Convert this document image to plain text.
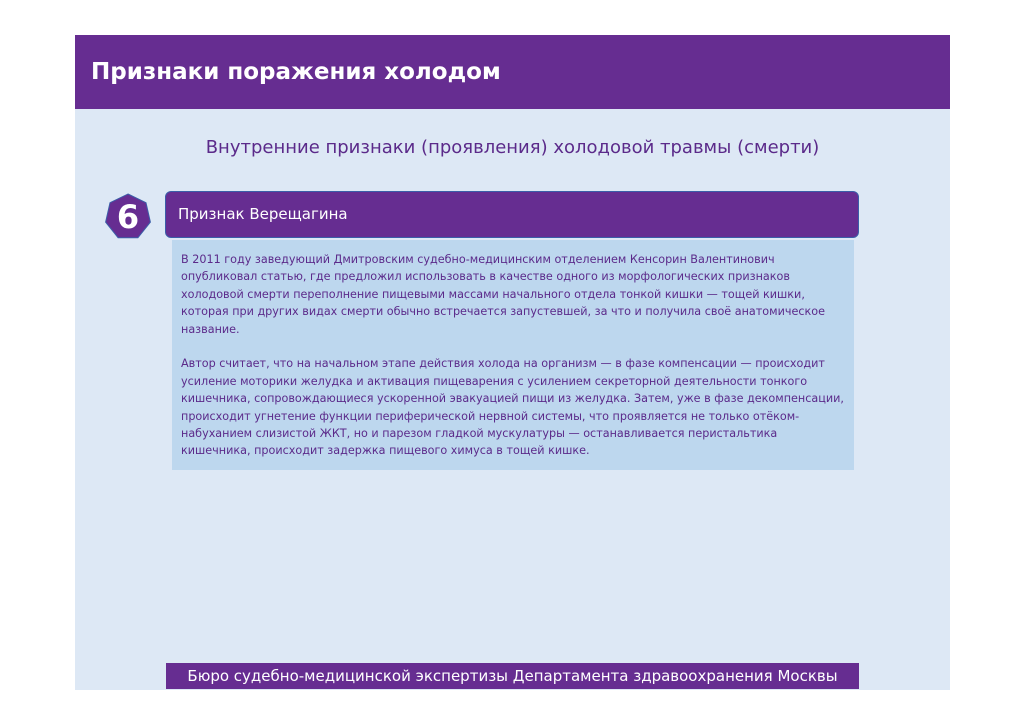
Признаки поражения холодом

Внутренние признаки (проявления) холодовой травмы (смерти)

6	Признак Верещагина

В 2011 году заведующий Дмитровским судебно-медицинским отделением Кенсорин Валентинович опубликовал статью, где предложил использовать в качестве одного из морфологических признаков холодовой смерти переполнение пищевыми массами начального отдела тонкой кишки — тощей кишки, которая при других видах смерти обычно встречается запустевшей, за что и получила своё анатомическое название.

Автор считает, что на начальном этапе действия холода на организм — в фазе компенсации — происходит усиление моторики желудка и активация пищеварения с усилением секреторной деятельности тонкого кишечника, сопровождающиеся ускоренной эвакуацией пищи из желудка. Затем, уже в фазе декомпенсации, происходит угнетение функции периферической нервной системы, что проявляется не только отёком-набуханием слизистой ЖКТ, но и парезом гладкой мускулатуры — останавливается перистальтика кишечника, происходит задержка пищевого химуса в тощей кишке.

Бюро судебно-медицинской экспертизы Департамента здравоохранения Москвы
